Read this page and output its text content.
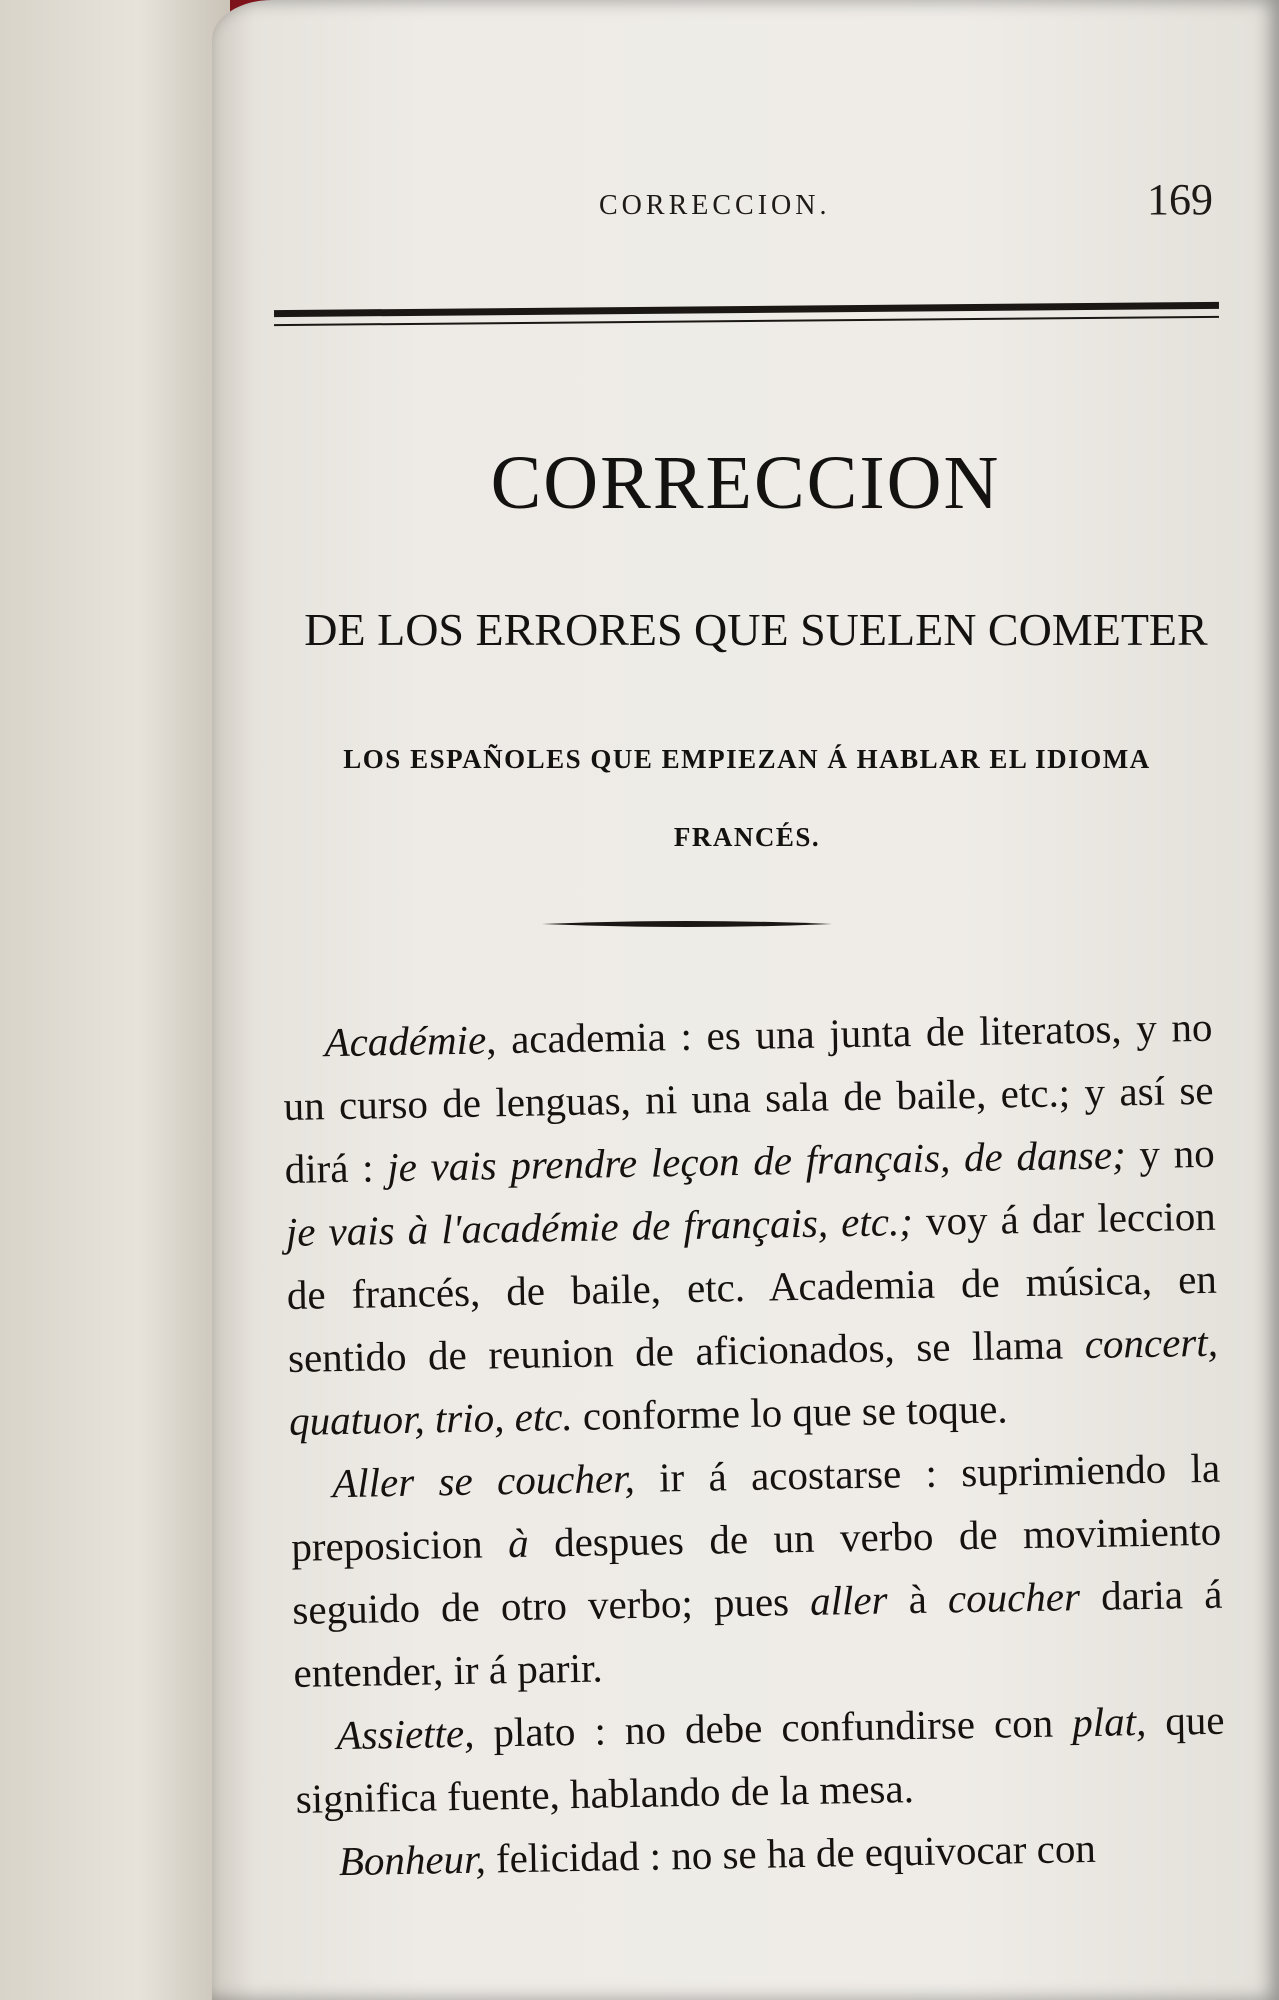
CORRECCION.	169
CORRECCION
DE LOS ERRORES QUE SUELEN COMETER
LOS ESPAÑOLES QUE EMPIEZAN Á HABLAR EL IDIOMA FRANCÉS.

Académie, academia : es una junta de literatos, y no un curso de lenguas, ni una sala de baile, etc.; y así se dirá : je vais prendre leçon de français, de danse; y no je vais à l'académie de français, etc.; voy á dar leccion de francés, de baile, etc. Academia de música, en sentido de reunion de aficionados, se llama concert, quatuor, trio, etc. conforme lo que se toque.

Aller se coucher, ir á acostarse : suprimiendo la preposicion à despues de un verbo de movimiento seguido de otro verbo; pues aller à coucher daria á entender, ir á parir.

Assiette, plato : no debe confundirse con plat, que significa fuente, hablando de la mesa.

Bonheur, felicidad : no se ha de equivocar con
